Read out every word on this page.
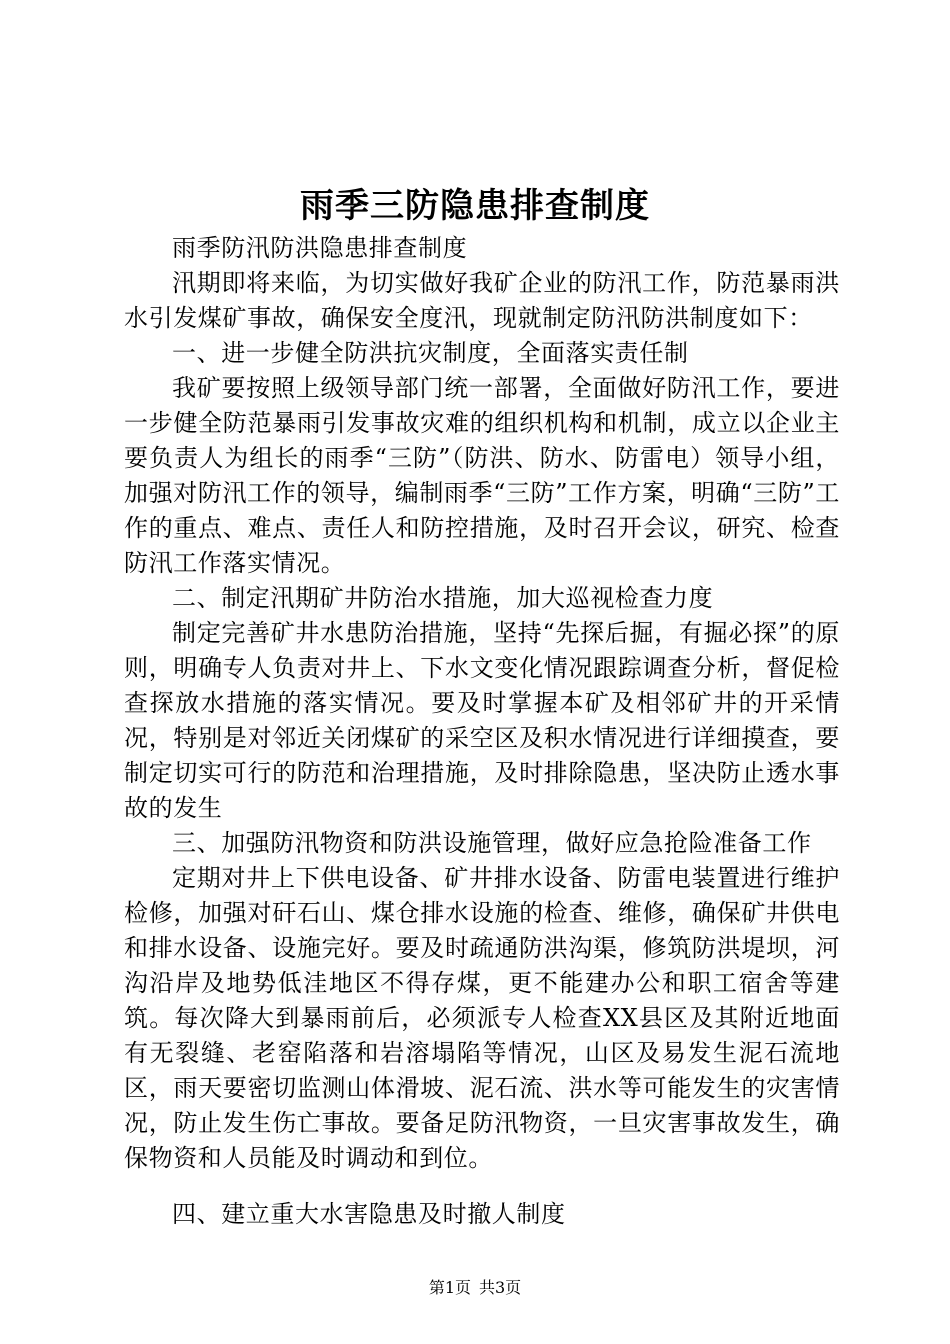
雨季三防隐患排查制度

雨季防汛防洪隐患排查制度

汛期即将来临，为切实做好我矿企业的防汛工作，防范暴雨洪水引发煤矿事故，确保安全度汛，现就制定防汛防洪制度如下：

一、进一步健全防洪抗灾制度，全面落实责任制

我矿要按照上级领导部门统一部署，全面做好防汛工作，要进一步健全防范暴雨引发事故灾难的组织机构和机制，成立以企业主要负责人为组长的雨季“三防”（防洪、防水、防雷电）领导小组，加强对防汛工作的领导，编制雨季“三防”工作方案，明确“三防”工作的重点、难点、责任人和防控措施，及时召开会议，研究、检查防汛工作落实情况。

二、制定汛期矿井防治水措施，加大巡视检查力度

制定完善矿井水患防治措施，坚持“先探后掘，有掘必探”的原则，明确专人负责对井上、下水文变化情况跟踪调查分析，督促检查探放水措施的落实情况。要及时掌握本矿及相邻矿井的开采情况，特别是对邻近关闭煤矿的采空区及积水情况进行详细摸查，要制定切实可行的防范和治理措施，及时排除隐患，坚决防止透水事故的发生

三、加强防汛物资和防洪设施管理，做好应急抢险准备工作

定期对井上下供电设备、矿井排水设备、防雷电装置进行维护检修，加强对矸石山、煤仓排水设施的检查、维修，确保矿井供电和排水设备、设施完好。要及时疏通防洪沟渠，修筑防洪堤坝，河沟沿岸及地势低洼地区不得存煤，更不能建办公和职工宿舍等建筑。每次降大到暴雨前后，必须派专人检查XX县区及其附近地面有无裂缝、老窑陷落和岩溶塌陷等情况，山区及易发生泥石流地区，雨天要密切监测山体滑坡、泥石流、洪水等可能发生的灾害情况，防止发生伤亡事故。要备足防汛物资，一旦灾害事故发生，确保物资和人员能及时调动和到位。

四、建立重大水害隐患及时撤人制度

第1页 共3页
